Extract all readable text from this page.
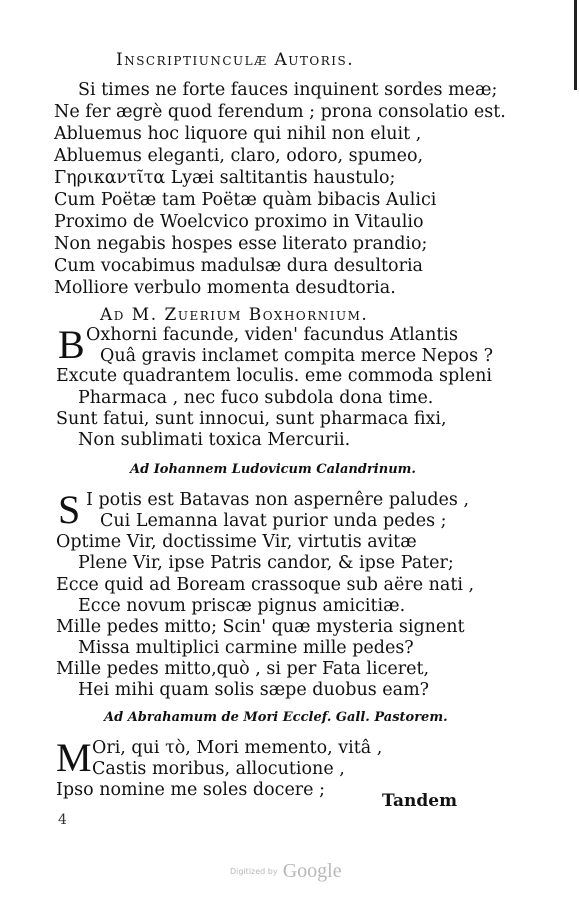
Inscriptiunculæ Autoris.
Si times ne forte fauces inquinent sordes meæ;
Ne fer ægrè quod ferendum ; prona consolatio est.
Abluemus hoc liquore qui nihil non eluit ,
Abluemus eleganti, claro, odoro, spumeo,
Γηρικαντῖτα Lyæi saltitantis haustulo;
Cum Poëtæ tam Poëtæ quàm bibacis Aulici
Proximo de Woelcvico proximo in Vitaulio
Non negabis hospes esse literato prandio;
Cum vocabimus madulsæ dura desultoria
Molliore verbulo momenta desudtoria.
Ad M. Zuerium Boxhornium.
B Oxhorni facunde, viden' facundus Atlantis
Quâ gravis inclamet compita merce Nepos ?
Excute quadrantem loculis. eme commoda spleni
Pharmaca , nec fuco subdola dona time.
Sunt fatui, sunt innocui, sunt pharmaca fixi,
Non sublimati toxica Mercurii.
Ad Iohannem Ludovicum Calandrinum.
S I potis est Batavas non aspernêre paludes ,
Cui Lemanna lavat purior unda pedes ;
Optime Vir, doctissime Vir, virtutis avitæ
Plene Vir, ipse Patris candor, & ipse Pater;
Ecce quid ad Boream crassoque sub aëre nati ,
Ecce novum priscæ pignus amicitiæ.
Mille pedes mitto; Scin' quæ mysteria signent
Missa multiplici carmine mille pedes?
Mille pedes mitto,quò , si per Fata liceret,
Hei mihi quam solis sæpe duobus eam?
Ad Abrahamum de Mori Ecclef. Gall. Pastorem.
M Ori, qui τò, Mori memento, vitâ ,
Castis moribus, allocutione ,
Ipso nomine me soles docere ;
Tandem
4
Digitized by Google
